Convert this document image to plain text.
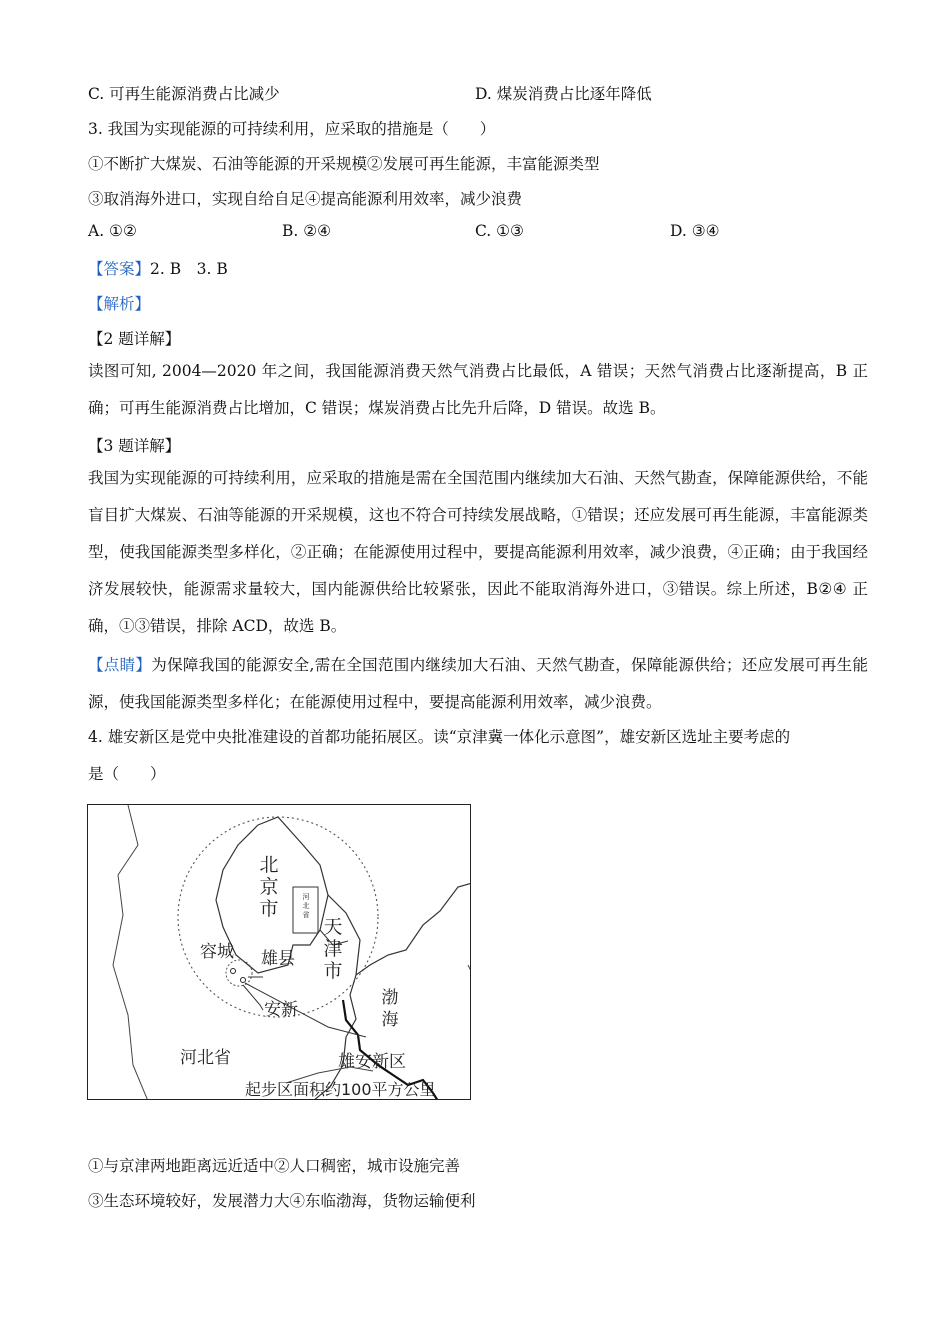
C. 可再生能源消费占比减少	D. 煤炭消费占比逐年降低
3. 我国为实现能源的可持续利用，应采取的措施是（　　）
①不断扩大煤炭、石油等能源的开采规模②发展可再生能源，丰富能源类型
③取消海外进口，实现自给自足④提高能源利用效率，减少浪费
A. ①②	B. ②④	C. ①③	D. ③④
【答案】2. B　3. B
【解析】
【2 题详解】
读图可知, 2004—2020 年之间，我国能源消费天然气消费占比最低，A 错误；天然气消费占比逐渐提高，B 正确；可再生能源消费占比增加，C 错误；煤炭消费占比先升后降，D 错误。故选 B。
【3 题详解】
我国为实现能源的可持续利用，应采取的措施是需在全国范围内继续加大石油、天然气勘查，保障能源供给，不能盲目扩大煤炭、石油等能源的开采规模，这也不符合可持续发展战略，①错误；还应发展可再生能源，丰富能源类型，使我国能源类型多样化，②正确；在能源使用过程中，要提高能源利用效率，减少浪费，④正确；由于我国经济发展较快，能源需求量较大，国内能源供给比较紧张，因此不能取消海外进口，③错误。综上所述，B②④ 正确，①③错误，排除 ACD，故选 B。
【点睛】为保障我国的能源安全,需在全国范围内继续加大石油、天然气勘查，保障能源供给；还应发展可再生能源，使我国能源类型多样化；在能源使用过程中，要提高能源利用效率，减少浪费。
4. 雄安新区是党中央批准建设的首都功能拓展区。读“京津冀一体化示意图”，雄安新区选址主要考虑的
是（　　）
北京市
河北省
天津市
容城 雄县
安新
渤海
河北省	雄安新区
起步区面积约100平方公里
①与京津两地距离远近适中②人口稠密，城市设施完善
③生态环境较好，发展潜力大④东临渤海，货物运输便利
